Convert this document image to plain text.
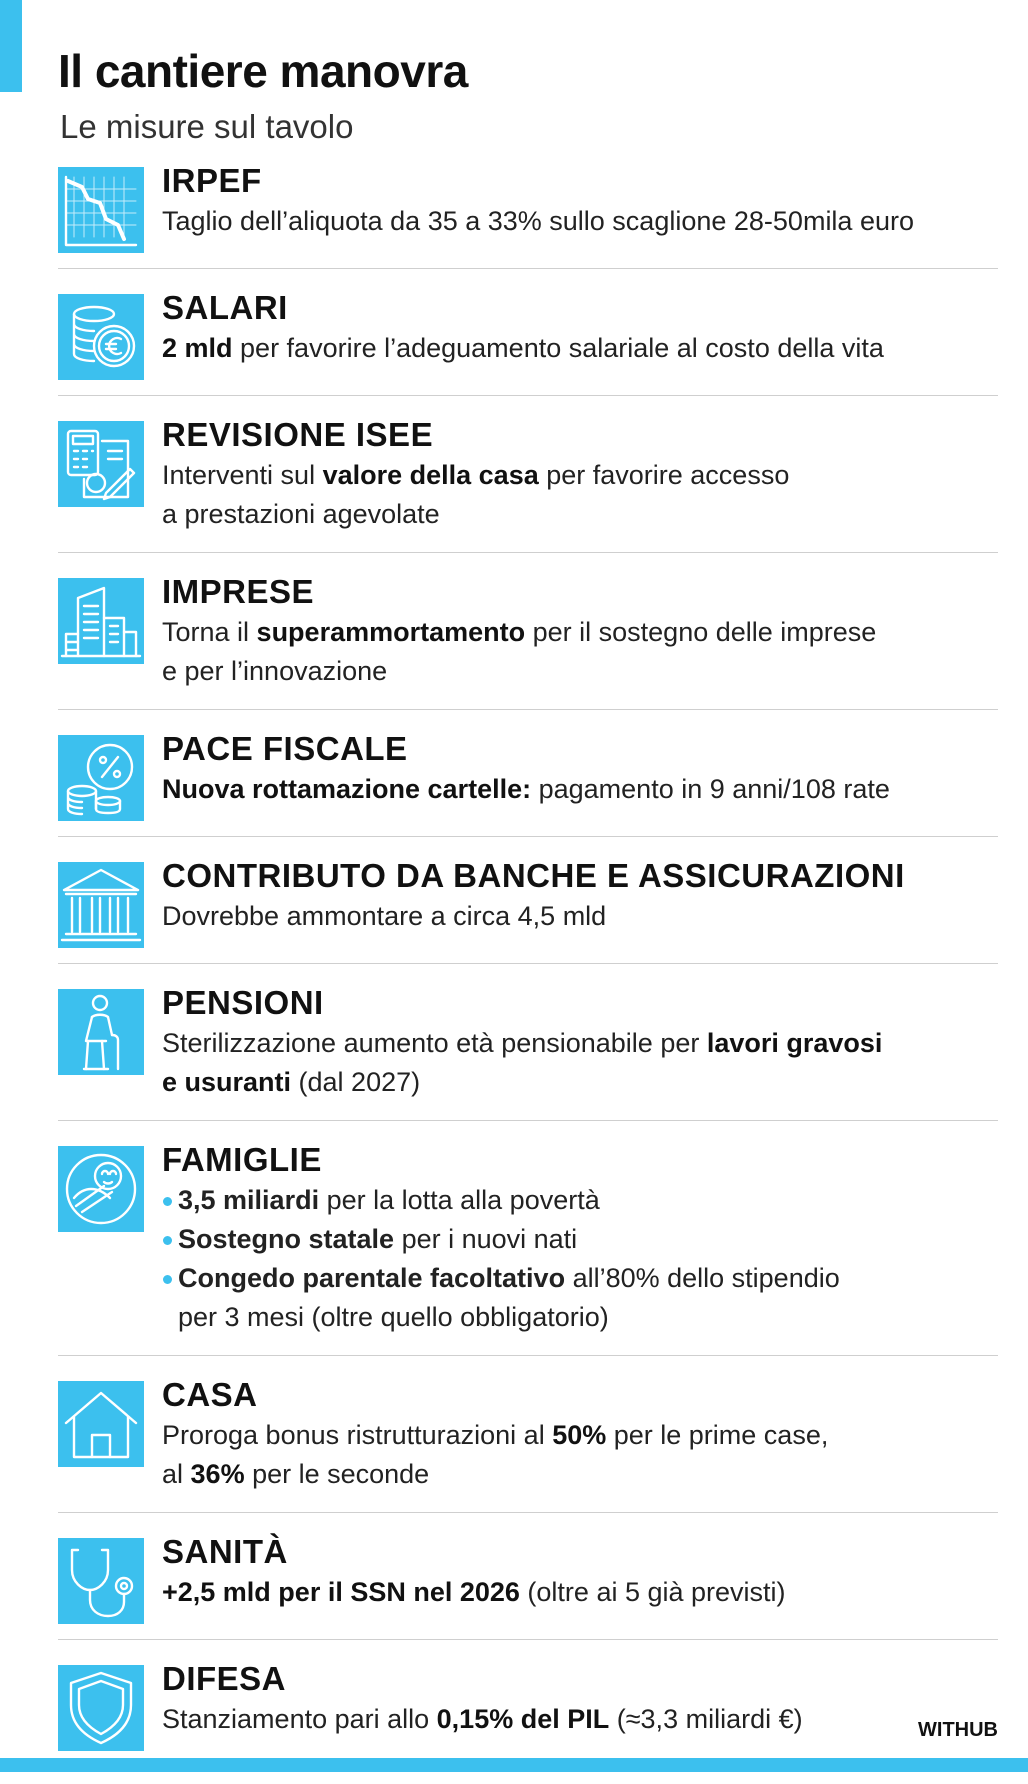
Il cantiere manovra

Le misure sul tavolo

IRPEF
Taglio dell’aliquota da 35 a 33% sullo scaglione 28-50mila euro
SALARI
2 mld per favorire l’adeguamento salariale al costo della vita
REVISIONE ISEE
Interventi sul valore della casa per favorire accesso
a prestazioni agevolate
IMPRESE
Torna il superammortamento per il sostegno delle imprese
e per l’innovazione
PACE FISCALE
Nuova rottamazione cartelle: pagamento in 9 anni/108 rate
CONTRIBUTO DA BANCHE E ASSICURAZIONI
Dovrebbe ammontare a circa 4,5 mld
PENSIONI
Sterilizzazione aumento età pensionabile per lavori gravosi
e usuranti (dal 2027)
FAMIGLIE
3,5 miliardi per la lotta alla povertà
Sostegno statale per i nuovi nati
Congedo parentale facoltativo all’80% dello stipendio
per 3 mesi (oltre quello obbligatorio)
CASA
Proroga bonus ristrutturazioni al 50% per le prime case,
al 36% per le seconde
SANITÀ
+2,5 mld per il SSN nel 2026 (oltre ai 5 già previsti)
DIFESA
Stanziamento pari allo 0,15% del PIL (≈3,3 miliardi €)	WITHUB
